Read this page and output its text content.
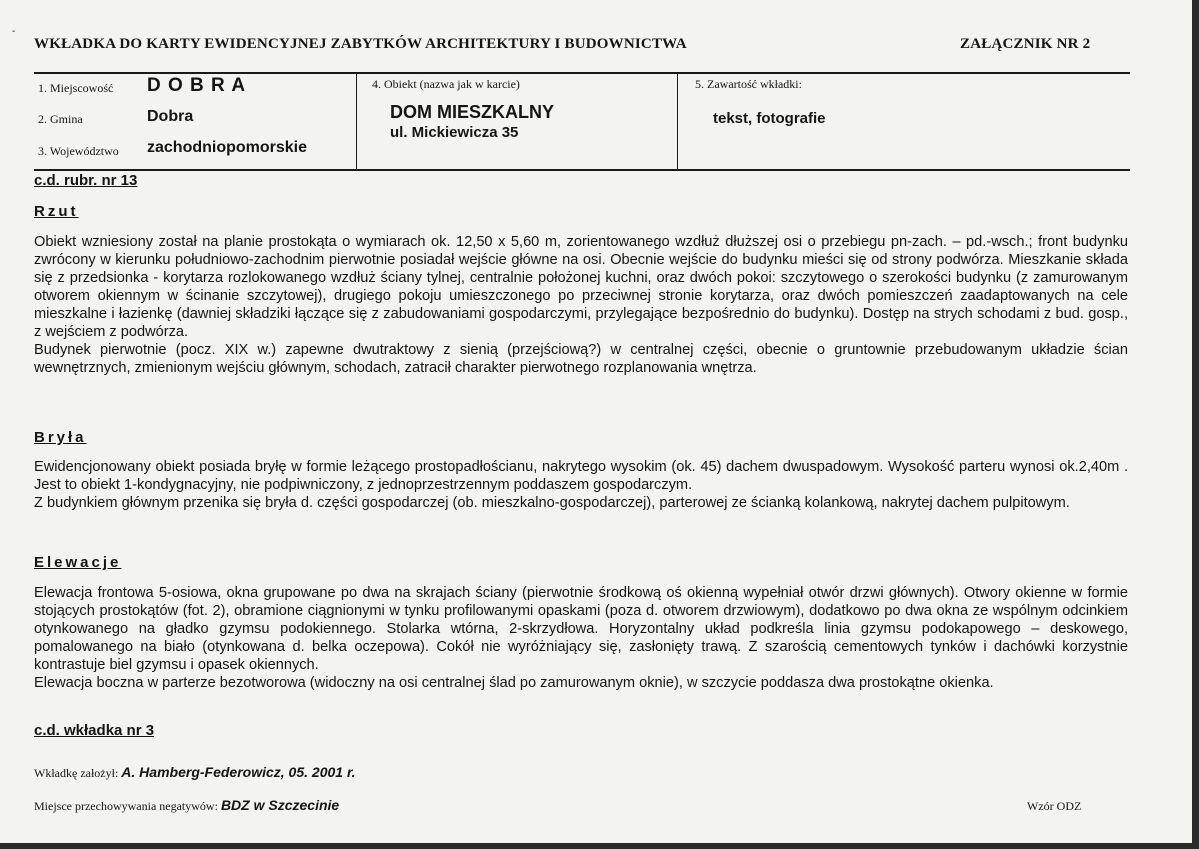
-
WKŁADKA DO KARTY EWIDENCYJNEJ ZABYTKÓW ARCHITEKTURY I BUDOWNICTWA	ZAŁĄCZNIK NR 2
1. Miejscowość D O B R A
2. Gmina	Dobra
3. Województwo zachodniopomorskie
4. Obiekt (nazwa jak w karcie)
DOM MIESZKALNY
ul. Mickiewicza 35
5. Zawartość wkładki:
tekst, fotografie
c.d. rubr. nr 13
Rzut

Obiekt wzniesiony został na planie prostokąta o wymiarach ok. 12,50 x 5,60 m, zorientowanego wzdłuż dłuższej osi o przebiegu pn-zach. – pd.-wsch.; front budynku zwrócony w kierunku południowo-zachodnim pierwotnie posiadał wejście główne na osi. Obecnie wejście do budynku mieści się od strony podwórza. Mieszkanie składa się z przedsionka - korytarza rozlokowanego wzdłuż ściany tylnej, centralnie położonej kuchni, oraz dwóch pokoi: szczytowego o szerokości budynku (z zamurowanym otworem okiennym w ścinanie szczytowej), drugiego pokoju umieszczonego po przeciwnej stronie korytarza, oraz dwóch pomieszczeń zaadaptowanych na cele mieszkalne i łazienkę (dawniej składziki łączące się z zabudowaniami gospodarczymi, przylegające bezpośrednio do budynku). Dostęp na strych schodami z bud. gosp., z wejściem z podwórza.

Budynek pierwotnie (pocz. XIX w.) zapewne dwutraktowy z sienią (przejściową?) w centralnej części, obecnie o gruntownie przebudowanym układzie ścian wewnętrznych, zmienionym wejściu głównym, schodach, zatracił charakter pierwotnego rozplanowania wnętrza.

Bryła

Ewidencjonowany obiekt posiada bryłę w formie leżącego prostopadłościanu, nakrytego wysokim (ok. 45) dachem dwuspadowym. Wysokość parteru wynosi ok.2,40m . Jest to obiekt 1-kondygnacyjny, nie podpiwniczony, z jednoprzestrzennym poddaszem gospodarczym.

Z budynkiem głównym przenika się bryła d. części gospodarczej (ob. mieszkalno-gospodarczej), parterowej ze ścianką kolankową, nakrytej dachem pulpitowym.

Elewacje

Elewacja frontowa 5-osiowa, okna grupowane po dwa na skrajach ściany (pierwotnie środkową oś okienną wypełniał otwór drzwi głównych). Otwory okienne w formie stojących prostokątów (fot. 2), obramione ciągnionymi w tynku profilowanymi opaskami (poza d. otworem drzwiowym), dodatkowo po dwa okna ze wspólnym odcinkiem otynkowanego na gładko gzymsu podokiennego. Stolarka wtórna, 2-skrzydłowa. Horyzontalny układ podkreśla linia gzymsu podokapowego – deskowego, pomalowanego na biało (otynkowana d. belka oczepowa). Cokół nie wyróżniający się, zasłonięty trawą. Z szarością cementowych tynków i dachówki korzystnie kontrastuje biel gzymsu i opasek okiennych.

Elewacja boczna w parterze bezotworowa (widoczny na osi centralnej ślad po zamurowanym oknie), w szczycie poddasza dwa prostokątne okienka.

c.d. wkładka nr 3
Wkładkę założył: A. Hamberg-Federowicz, 05. 2001 r.
Miejsce przechowywania negatywów: BDZ w Szczecinie	Wzór ODZ
